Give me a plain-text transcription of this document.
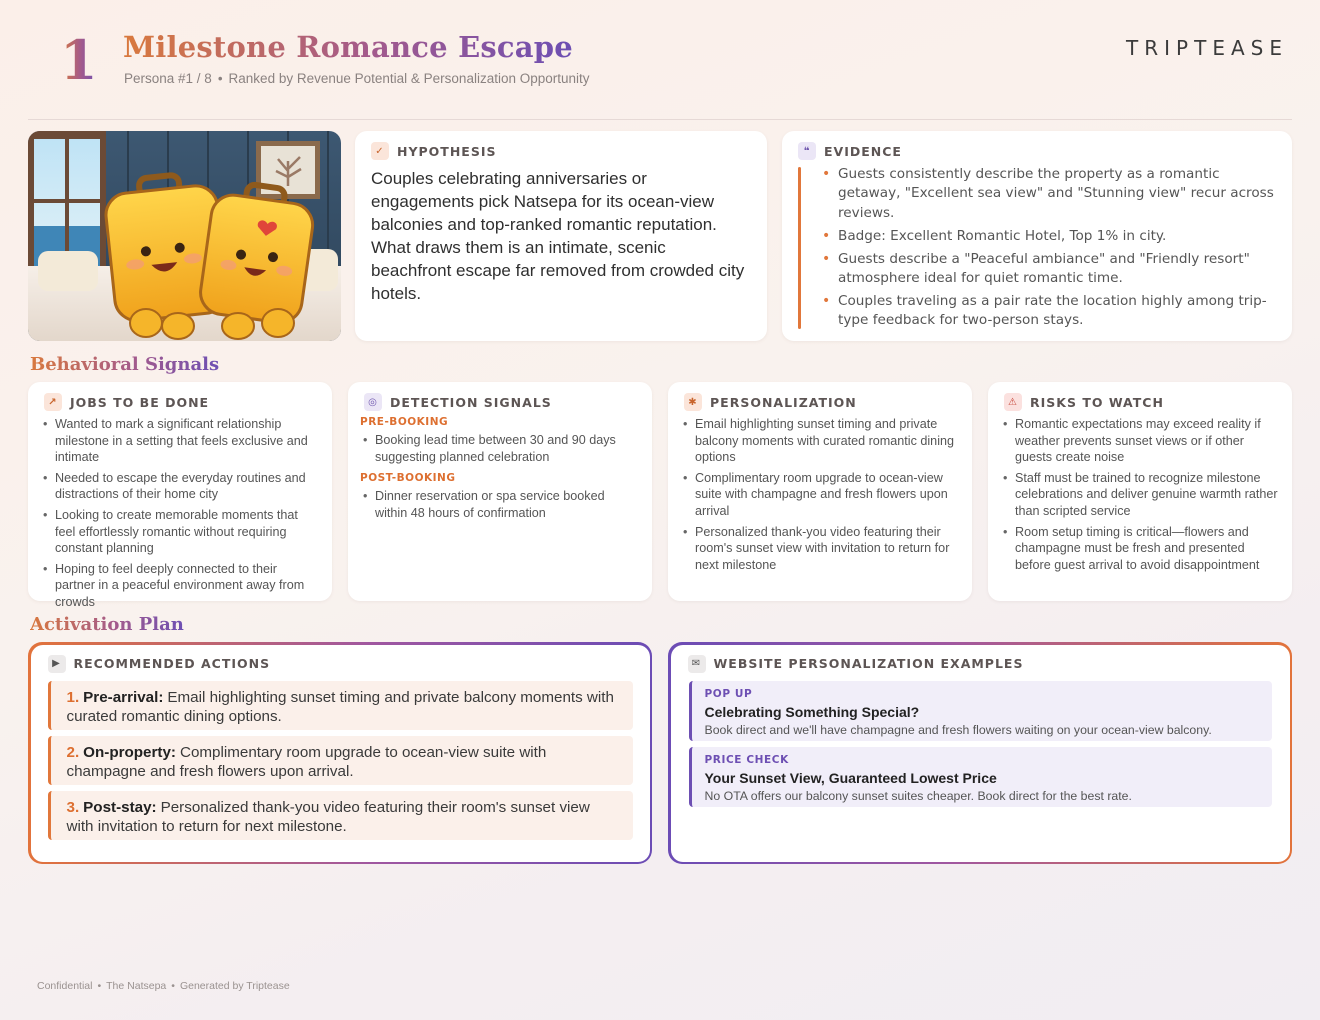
1 Milestone Romance Escape
Persona #1 / 8 • Ranked by Revenue Potential & Personalization Opportunity
TRIPTEASE
✓ HYPOTHESIS
Couples celebrating anniversaries or engagements pick Natsepa for its ocean-view balconies and top-ranked romantic reputation. What draws them is an intimate, scenic beachfront escape far removed from crowded city hotels.
❝	EVIDENCE
• Guests consistently describe the property as a romantic getaway, "Excellent sea view" and "Stunning view" recur across reviews.
• Badge: Excellent Romantic Hotel, Top 1% in city.
• Guests describe a "Peaceful ambiance" and "Friendly resort" atmosphere ideal for quiet romantic time.
• Couples traveling as a pair rate the location highly among trip-type feedback for two-person stays.
Behavioral Signals
↗ JOBS TO BE DONE
• Wanted to mark a significant relationship milestone in a setting that feels exclusive and intimate
• Needed to escape the everyday routines and distractions of their home city
• Looking to create memorable moments that feel effortlessly romantic without requiring constant planning
• Hoping to feel deeply connected to their partner in a peaceful environment away from crowds
◎ DETECTION SIGNALS
PRE-BOOKING
• Booking lead time between 30 and 90 days suggesting planned celebration
POST-BOOKING
• Dinner reservation or spa service booked within 48 hours of confirmation
✱ PERSONALIZATION
• Email highlighting sunset timing and private balcony moments with curated romantic dining options
• Complimentary room upgrade to ocean-view suite with champagne and fresh flowers upon arrival
• Personalized thank-you video featuring their room's sunset view with invitation to return for next milestone
⚠ RISKS TO WATCH
• Romantic expectations may exceed reality if weather prevents sunset views or if other guests create noise
• Staff must be trained to recognize milestone celebrations and deliver genuine warmth rather than scripted service
• Room setup timing is critical—flowers and champagne must be fresh and presented before guest arrival to avoid disappointment
Activation Plan
▶	RECOMMENDED ACTIONS
1. Pre-arrival: Email highlighting sunset timing and private balcony moments with curated romantic dining options.
2. On-property: Complimentary room upgrade to ocean-view suite with champagne and fresh flowers upon arrival.
3. Post-stay: Personalized thank-you video featuring their room's sunset view with invitation to return for next milestone.
✉ WEBSITE PERSONALIZATION EXAMPLES
POP UP
Celebrating Something Special?
Book direct and we'll have champagne and fresh flowers waiting on your ocean-view balcony.
PRICE CHECK
Your Sunset View, Guaranteed Lowest Price
No OTA offers our balcony sunset suites cheaper. Book direct for the best rate.
Confidential • The Natsepa • Generated by Triptease
